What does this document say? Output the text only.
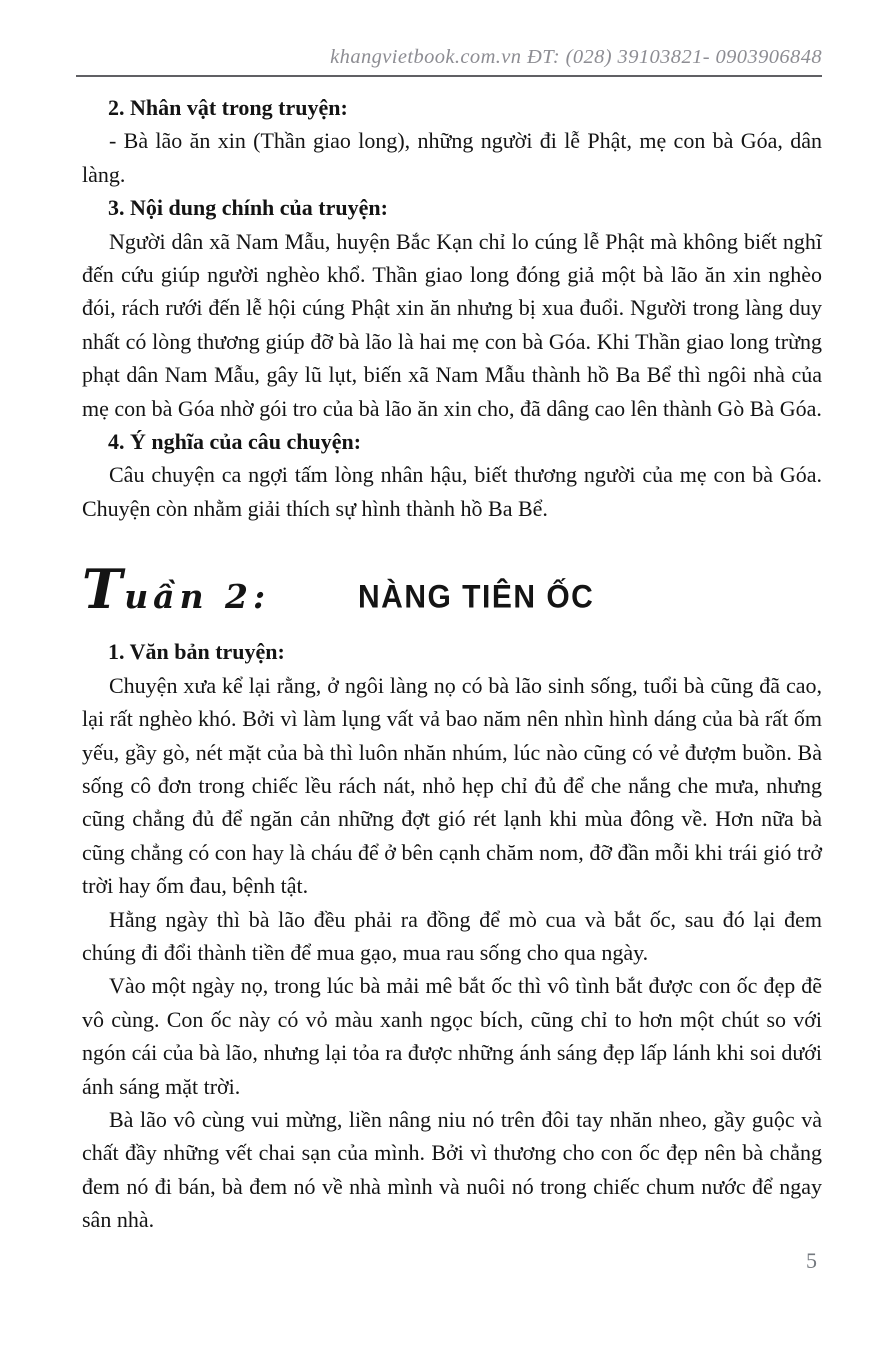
khangvietbook.com.vn ĐT: (028) 39103821- 0903906848
2. Nhân vật trong truyện:

- Bà lão ăn xin (Thần giao long), những người đi lễ Phật, mẹ con bà Góa, dân làng.

3. Nội dung chính của truyện:

Người dân xã Nam Mẫu, huyện Bắc Kạn chỉ lo cúng lễ Phật mà không biết nghĩ đến cứu giúp người nghèo khổ. Thần giao long đóng giả một bà lão ăn xin nghèo đói, rách rưới đến lễ hội cúng Phật xin ăn nhưng bị xua đuổi. Người trong làng duy nhất có lòng thương giúp đỡ bà lão là hai mẹ con bà Góa. Khi Thần giao long trừng phạt dân Nam Mẫu, gây lũ lụt, biến xã Nam Mẫu thành hồ Ba Bể thì ngôi nhà của mẹ con bà Góa nhờ gói tro của bà lão ăn xin cho, đã dâng cao lên thành Gò Bà Góa.

4. Ý nghĩa của câu chuyện:

Câu chuyện ca ngợi tấm lòng nhân hậu, biết thương người của mẹ con bà Góa. Chuyện còn nhằm giải thích sự hình thành hồ Ba Bể.

Tuần 2:	NÀNG TIÊN ỐC
1. Văn bản truyện:

Chuyện xưa kể lại rằng, ở ngôi làng nọ có bà lão sinh sống, tuổi bà cũng đã cao, lại rất nghèo khó. Bởi vì làm lụng vất vả bao năm nên nhìn hình dáng của bà rất ốm yếu, gầy gò, nét mặt của bà thì luôn nhăn nhúm, lúc nào cũng có vẻ đượm buồn. Bà sống cô đơn trong chiếc lều rách nát, nhỏ hẹp chỉ đủ để che nắng che mưa, nhưng cũng chẳng đủ để ngăn cản những đợt gió rét lạnh khi mùa đông về. Hơn nữa bà cũng chẳng có con hay là cháu để ở bên cạnh chăm nom, đỡ đần mỗi khi trái gió trở trời hay ốm đau, bệnh tật.

Hằng ngày thì bà lão đều phải ra đồng để mò cua và bắt ốc, sau đó lại đem chúng đi đổi thành tiền để mua gạo, mua rau sống cho qua ngày.

Vào một ngày nọ, trong lúc bà mải mê bắt ốc thì vô tình bắt được con ốc đẹp đẽ vô cùng. Con ốc này có vỏ màu xanh ngọc bích, cũng chỉ to hơn một chút so với ngón cái của bà lão, nhưng lại tỏa ra được những ánh sáng đẹp lấp lánh khi soi dưới ánh sáng mặt trời.

Bà lão vô cùng vui mừng, liền nâng niu nó trên đôi tay nhăn nheo, gầy guộc và chất đầy những vết chai sạn của mình. Bởi vì thương cho con ốc đẹp nên bà chẳng đem nó đi bán, bà đem nó về nhà mình và nuôi nó trong chiếc chum nước để ngay sân nhà.

5
